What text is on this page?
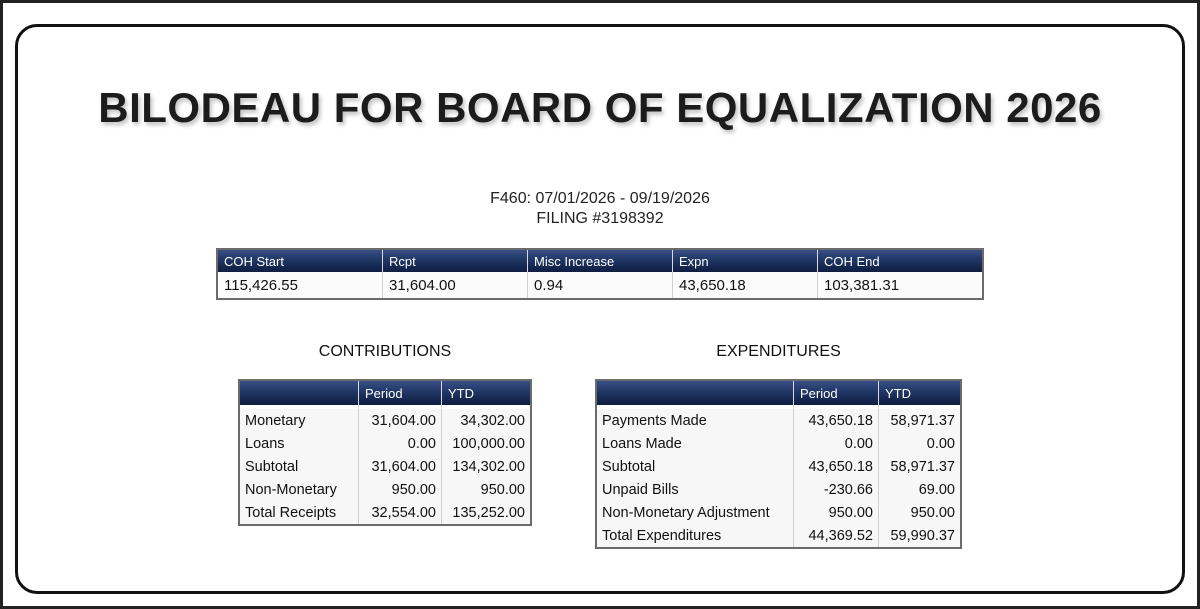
BILODEAU FOR BOARD OF EQUALIZATION 2026
F460: 07/01/2026 - 09/19/2026
FILING #3198392
COH Start	Rcpt	Misc Increase	Expn	COH End
115,426.55	31,604.00	0.94	43,650.18	103,381.31
CONTRIBUTIONS	EXPENDITURES
	Period	YTD

Monetary	31,604.00	34,302.00
Loans	0.00	100,000.00
Subtotal	31,604.00	134,302.00
Non-Monetary	950.00	950.00
Total Receipts	32,554.00	135,252.00
	Period	YTD

Payments Made	43,650.18	58,971.37
Loans Made	0.00	0.00
Subtotal	43,650.18	58,971.37
Unpaid Bills	-230.66	69.00
Non-Monetary Adjustment	950.00	950.00
Total Expenditures	44,369.52	59,990.37
